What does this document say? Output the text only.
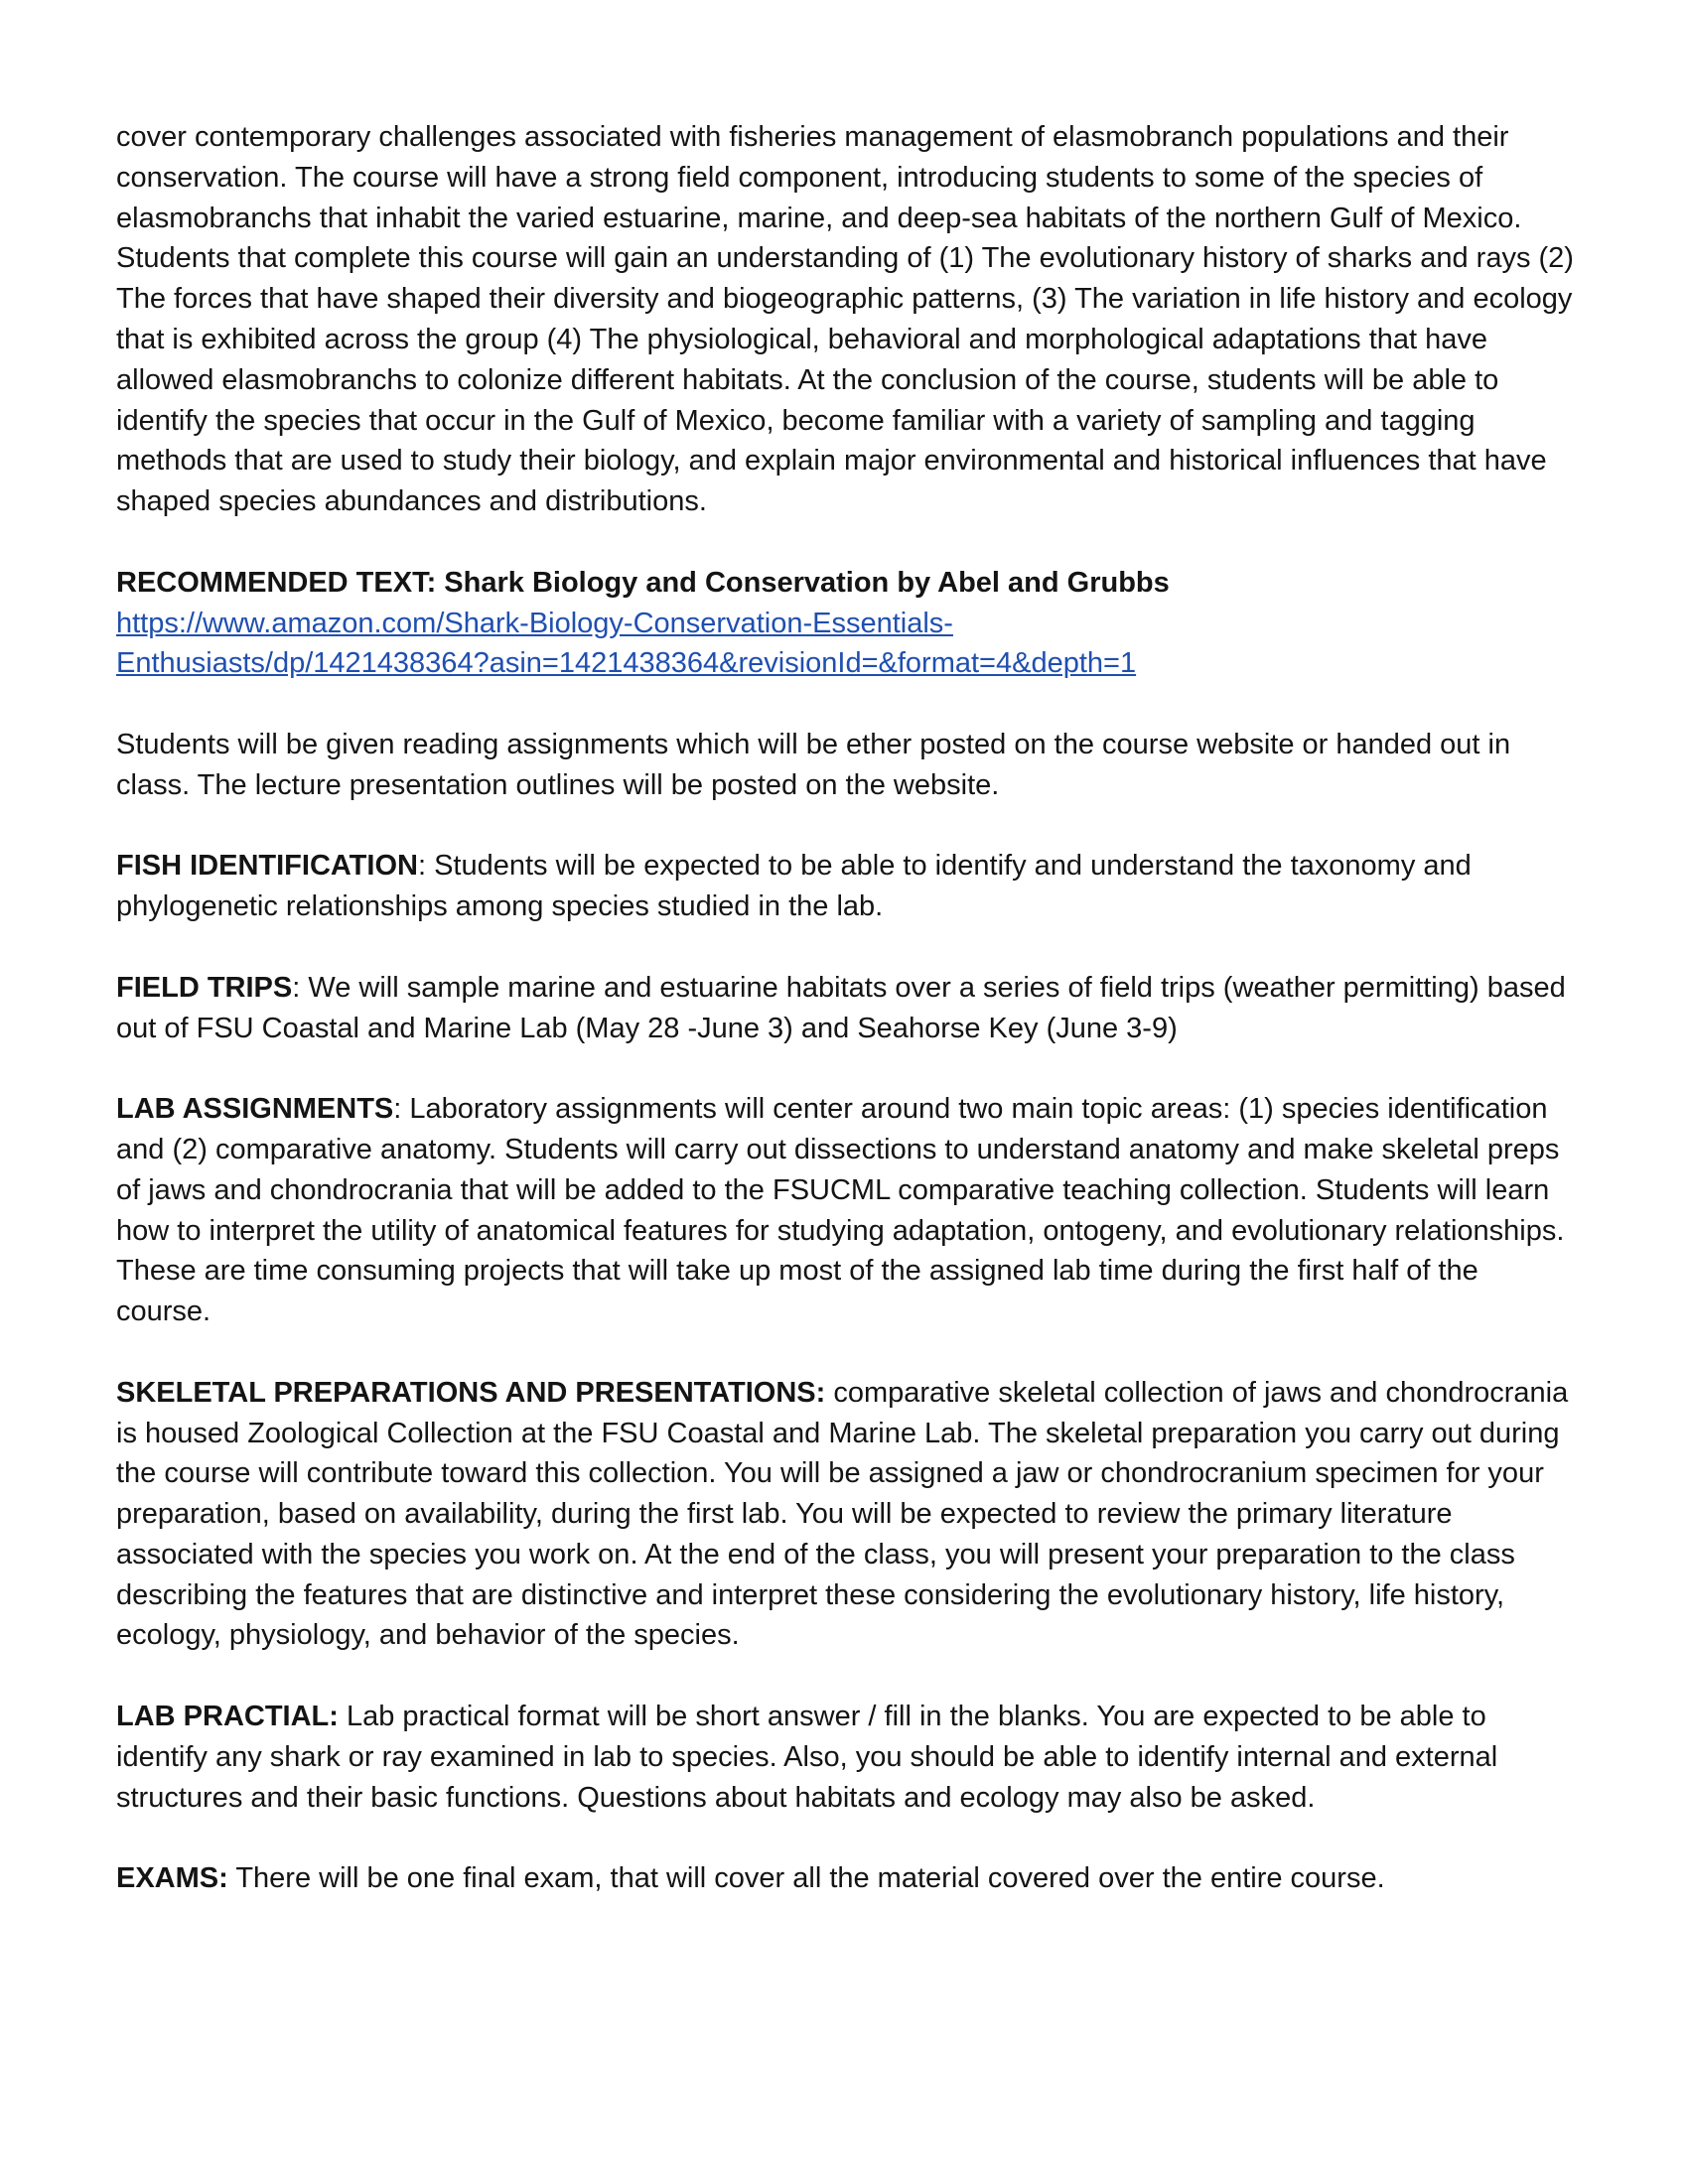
cover contemporary challenges associated with fisheries management of elasmobranch populations and their conservation. The course will have a strong field component, introducing students to some of the species of elasmobranchs that inhabit the varied estuarine, marine, and deep-sea habitats of the northern Gulf of Mexico. Students that complete this course will gain an understanding of (1) The evolutionary history of sharks and rays (2) The forces that have shaped their diversity and biogeographic patterns, (3) The variation in life history and ecology that is exhibited across the group (4) The physiological, behavioral and morphological adaptations that have allowed elasmobranchs to colonize different habitats. At the conclusion of the course, students will be able to identify the species that occur in the Gulf of Mexico, become familiar with a variety of sampling and tagging methods that are used to study their biology, and explain major environmental and historical influences that have shaped species abundances and distributions.

RECOMMENDED TEXT: Shark Biology and Conservation by Abel and Grubbs
https://www.amazon.com/Shark-Biology-Conservation-Essentials-
Enthusiasts/dp/1421438364?asin=1421438364&revisionId=&format=4&depth=1

Students will be given reading assignments which will be ether posted on the course website or handed out in class. The lecture presentation outlines will be posted on the website.

FISH IDENTIFICATION: Students will be expected to be able to identify and understand the taxonomy and phylogenetic relationships among species studied in the lab.

FIELD TRIPS: We will sample marine and estuarine habitats over a series of field trips (weather permitting) based out of FSU Coastal and Marine Lab (May 28 -June 3) and Seahorse Key (June 3-9)

LAB ASSIGNMENTS: Laboratory assignments will center around two main topic areas: (1) species identification and (2) comparative anatomy. Students will carry out dissections to understand anatomy and make skeletal preps of jaws and chondrocrania that will be added to the FSUCML comparative teaching collection. Students will learn how to interpret the utility of anatomical features for studying adaptation, ontogeny, and evolutionary relationships. These are time consuming projects that will take up most of the assigned lab time during the first half of the course.

SKELETAL PREPARATIONS AND PRESENTATIONS: comparative skeletal collection of jaws and chondrocrania is housed Zoological Collection at the FSU Coastal and Marine Lab. The skeletal preparation you carry out during the course will contribute toward this collection. You will be assigned a jaw or chondrocranium specimen for your preparation, based on availability, during the first lab. You will be expected to review the primary literature associated with the species you work on. At the end of the class, you will present your preparation to the class describing the features that are distinctive and interpret these considering the evolutionary history, life history, ecology, physiology, and behavior of the species.

LAB PRACTIAL: Lab practical format will be short answer / fill in the blanks. You are expected to be able to identify any shark or ray examined in lab to species. Also, you should be able to identify internal and external structures and their basic functions. Questions about habitats and ecology may also be asked.

EXAMS: There will be one final exam, that will cover all the material covered over the entire course.
